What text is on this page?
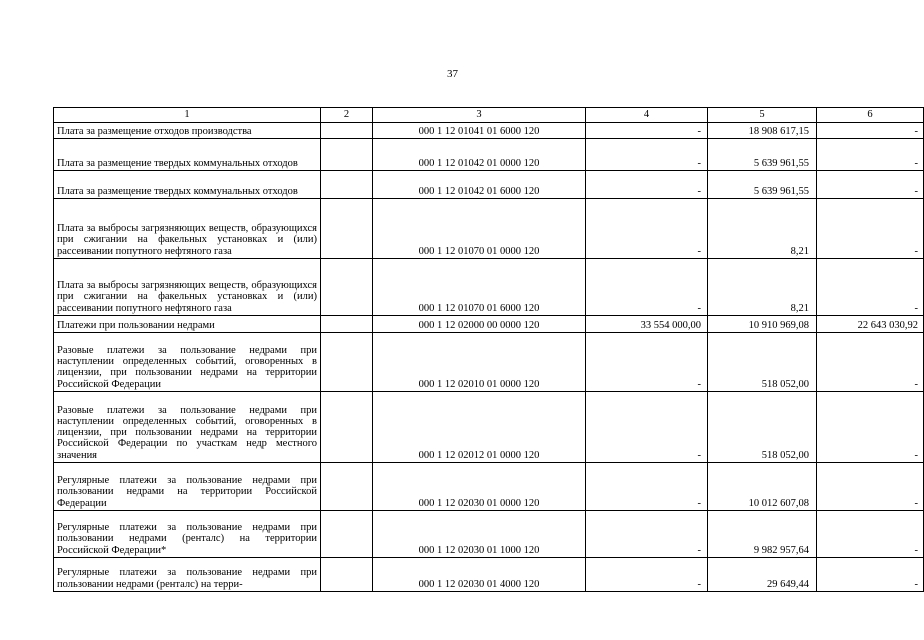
37
1	2	3	4	5	6
Плата за размещение отходов производства		000 1 12 01041 01 6000 120	-	18 908 617,15	-
Плата за размещение твердых коммунальных отходов		000 1 12 01042 01 0000 120	-	5 639 961,55	-
Плата за размещение твердых коммунальных отходов		000 1 12 01042 01 6000 120	-	5 639 961,55	-
Плата за выбросы загрязняющих веществ, образующихся при сжигании на факельных установках и (или) рассеивании попутного нефтяного газа		000 1 12 01070 01 0000 120	-	8,21	-
Плата за выбросы загрязняющих веществ, образующихся при сжигании на факельных установках и (или) рассеивании попутного нефтяного газа		000 1 12 01070 01 6000 120	-	8,21	-
Платежи при пользовании недрами		000 1 12 02000 00 0000 120	33 554 000,00	10 910 969,08	22 643 030,92
Разовые платежи за пользование недрами при наступлении определенных событий, оговоренных в лицензии, при пользовании недрами на территории Российской Федерации		000 1 12 02010 01 0000 120	-	518 052,00	-
Разовые платежи за пользование недрами при наступлении определенных событий, оговоренных в лицензии, при пользовании недрами на территории Российской Федерации по участкам недр местного значения		000 1 12 02012 01 0000 120	-	518 052,00	-
Регулярные платежи за пользование недрами при пользовании недрами на территории Российской Федерации		000 1 12 02030 01 0000 120	-	10 012 607,08	-
Регулярные платежи за пользование недрами при пользовании недрами (ренталс) на территории Российской Федерации*		000 1 12 02030 01 1000 120	-	9 982 957,64	-
Регулярные платежи за пользование недрами при пользовании недрами (ренталс) на терри-		000 1 12 02030 01 4000 120	-	29 649,44	-
